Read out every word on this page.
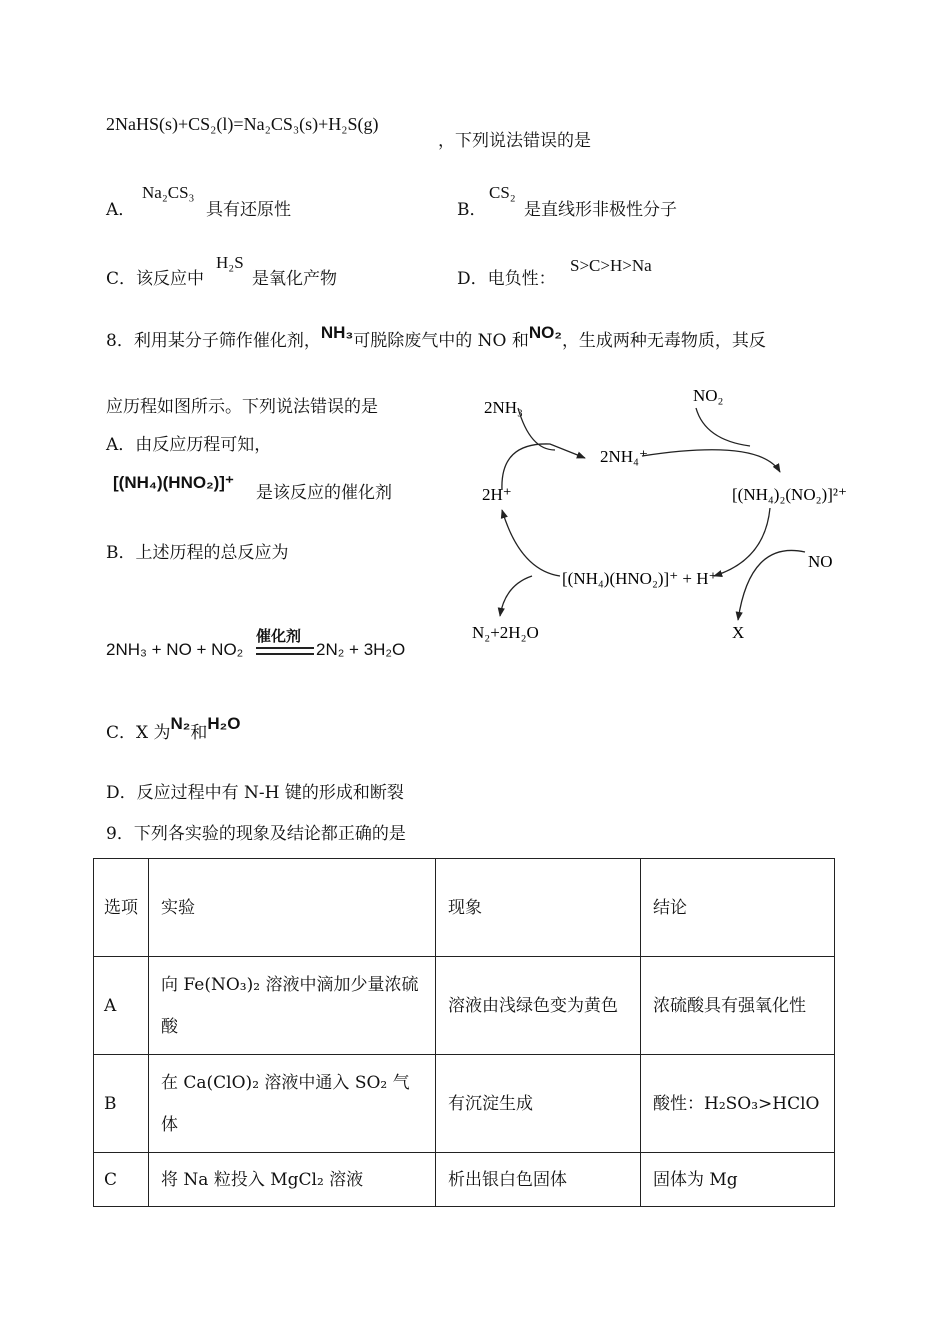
2NaHS(s)+CS₂(l)=Na₂CS₃(s)+H₂S(g)
，下列说法错误的是
A．
Na₂CS₃
具有还原性	B．
CS₂
是直线形非极性分子
C．该反应中
H₂S
是氧化产物	D．电负性：
S>C>H>Na
8．利用某分子筛作催化剂，NH₃可脱除废气中的 NO 和NO₂，生成两种无毒物质，其反
应历程如图所示。下列说法错误的是
A．由反应历程可知，
[(NH₄)(HNO₂)]⁺
是该反应的催化剂
B．上述历程的总反应为
2NH₃ + NO + NO₂
催化剂
2N₂ + 3H₂O
C．X 为N₂和H₂O
D．反应过程中有 N-H 键的形成和断裂
2NH₃
NO₂
2NH₄⁺
2H⁺	[(NH₄)₂(NO₂)]²⁺
NO
[(NH₄)(HNO₂)]⁺ + H⁺
N₂+2H₂O	X
9．下列各实验的现象及结论都正确的是
选项	实验	现象	结论
A	向 Fe(NO₃)₂ 溶液中滴加少量浓硫酸	溶液由浅绿色变为黄色	浓硫酸具有强氧化性
B	在 Ca(ClO)₂ 溶液中通入 SO₂ 气体	有沉淀生成	酸性：H₂SO₃>HClO
C	将 Na 粒投入 MgCl₂ 溶液	析出银白色固体	固体为 Mg
